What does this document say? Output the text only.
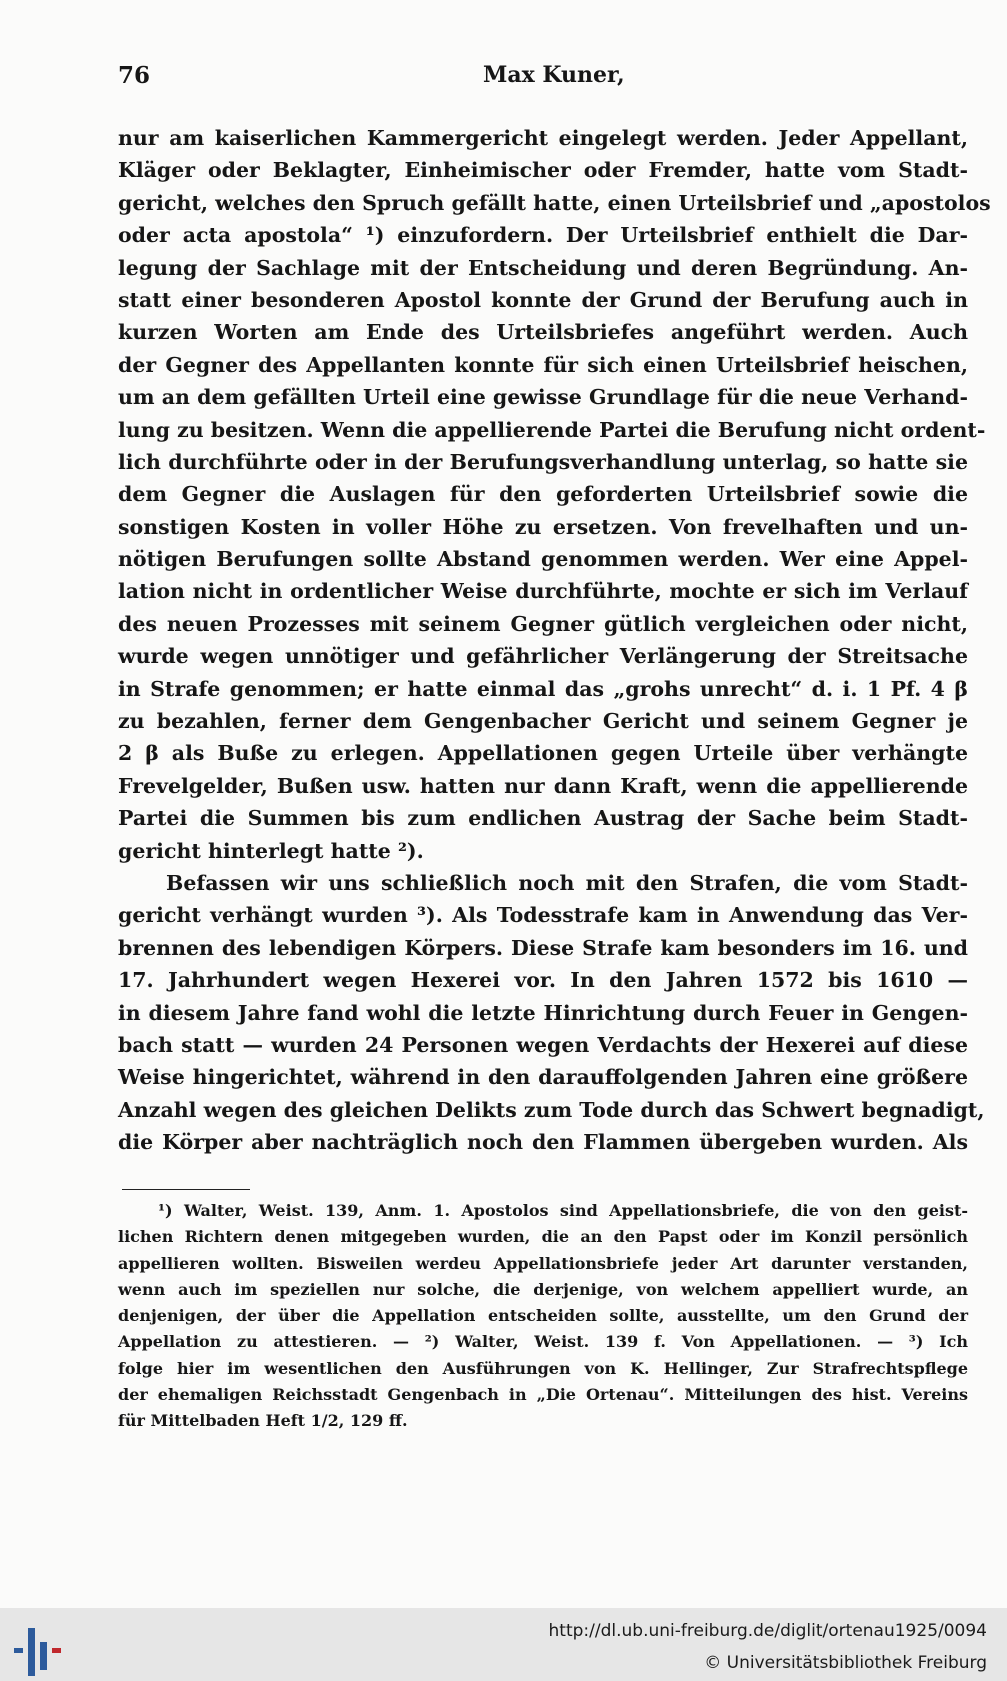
76	Max Kuner,
nur am kaiserlichen Kammergericht eingelegt werden. Jeder Appellant,
Kläger oder Beklagter, Einheimischer oder Fremder, hatte vom Stadt-
gericht, welches den Spruch gefällt hatte, einen Urteilsbrief und „apostolos
oder acta apostola“ ¹) einzufordern. Der Urteilsbrief enthielt die Dar-
legung der Sachlage mit der Entscheidung und deren Begründung. An-
statt einer besonderen Apostol konnte der Grund der Berufung auch in
kurzen Worten am Ende des Urteilsbriefes angeführt werden. Auch
der Gegner des Appellanten konnte für sich einen Urteilsbrief heischen,
um an dem gefällten Urteil eine gewisse Grundlage für die neue Verhand-
lung zu besitzen. Wenn die appellierende Partei die Berufung nicht ordent-
lich durchführte oder in der Berufungsverhandlung unterlag, so hatte sie
dem Gegner die Auslagen für den geforderten Urteilsbrief sowie die
sonstigen Kosten in voller Höhe zu ersetzen. Von frevelhaften und un-
nötigen Berufungen sollte Abstand genommen werden. Wer eine Appel-
lation nicht in ordentlicher Weise durchführte, mochte er sich im Verlauf
des neuen Prozesses mit seinem Gegner gütlich vergleichen oder nicht,
wurde wegen unnötiger und gefährlicher Verlängerung der Streitsache
in Strafe genommen; er hatte einmal das „grohs unrecht“ d. i. 1 Pf. 4 β
zu bezahlen, ferner dem Gengenbacher Gericht und seinem Gegner je
2 β als Buße zu erlegen. Appellationen gegen Urteile über verhängte
Frevelgelder, Bußen usw. hatten nur dann Kraft, wenn die appellierende
Partei die Summen bis zum endlichen Austrag der Sache beim Stadt-
gericht hinterlegt hatte ²).
Befassen wir uns schließlich noch mit den Strafen, die vom Stadt-
gericht verhängt wurden ³). Als Todesstrafe kam in Anwendung das Ver-
brennen des lebendigen Körpers. Diese Strafe kam besonders im 16. und
17. Jahrhundert wegen Hexerei vor. In den Jahren 1572 bis 1610 —
in diesem Jahre fand wohl die letzte Hinrichtung durch Feuer in Gengen-
bach statt — wurden 24 Personen wegen Verdachts der Hexerei auf diese
Weise hingerichtet, während in den darauffolgenden Jahren eine größere
Anzahl wegen des gleichen Delikts zum Tode durch das Schwert begnadigt,
die Körper aber nachträglich noch den Flammen übergeben wurden. Als
¹) Walter, Weist. 139, Anm. 1. Apostolos sind Appellationsbriefe, die von den geist-
lichen Richtern denen mitgegeben wurden, die an den Papst oder im Konzil persönlich
appellieren wollten. Bisweilen werdeu Appellationsbriefe jeder Art darunter verstanden,
wenn auch im speziellen nur solche, die derjenige, von welchem appelliert wurde, an
denjenigen, der über die Appellation entscheiden sollte, ausstellte, um den Grund der
Appellation zu attestieren. — ²) Walter, Weist. 139 f. Von Appellationen. — ³) Ich
folge hier im wesentlichen den Ausführungen von K. Hellinger, Zur Strafrechtspflege
der ehemaligen Reichsstadt Gengenbach in „Die Ortenau“. Mitteilungen des hist. Vereins
für Mittelbaden Heft 1/2, 129 ff.
http://dl.ub.uni-freiburg.de/diglit/ortenau1925/0094
© Universitätsbibliothek Freiburg
